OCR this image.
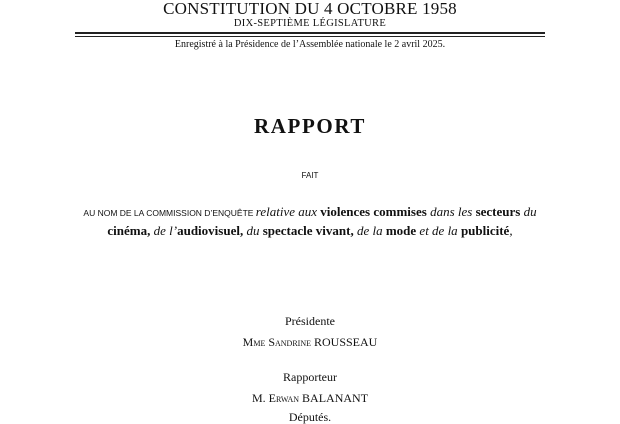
CONSTITUTION DU 4 OCTOBRE 1958
DIX-SEPTIÈME LÉGISLATURE
Enregistré à la Présidence de l’Assemblée nationale le 2 avril 2025.
RAPPORT
FAIT
AU NOM DE LA COMMISSION D’ENQUÊTE relative aux violences commises dans les secteurs du cinéma, de l’audiovisuel, du spectacle vivant, de la mode et de la publicité,
Présidente
Mme Sandrine ROUSSEAU
Rapporteur
M. Erwan BALANANT
Députés.
